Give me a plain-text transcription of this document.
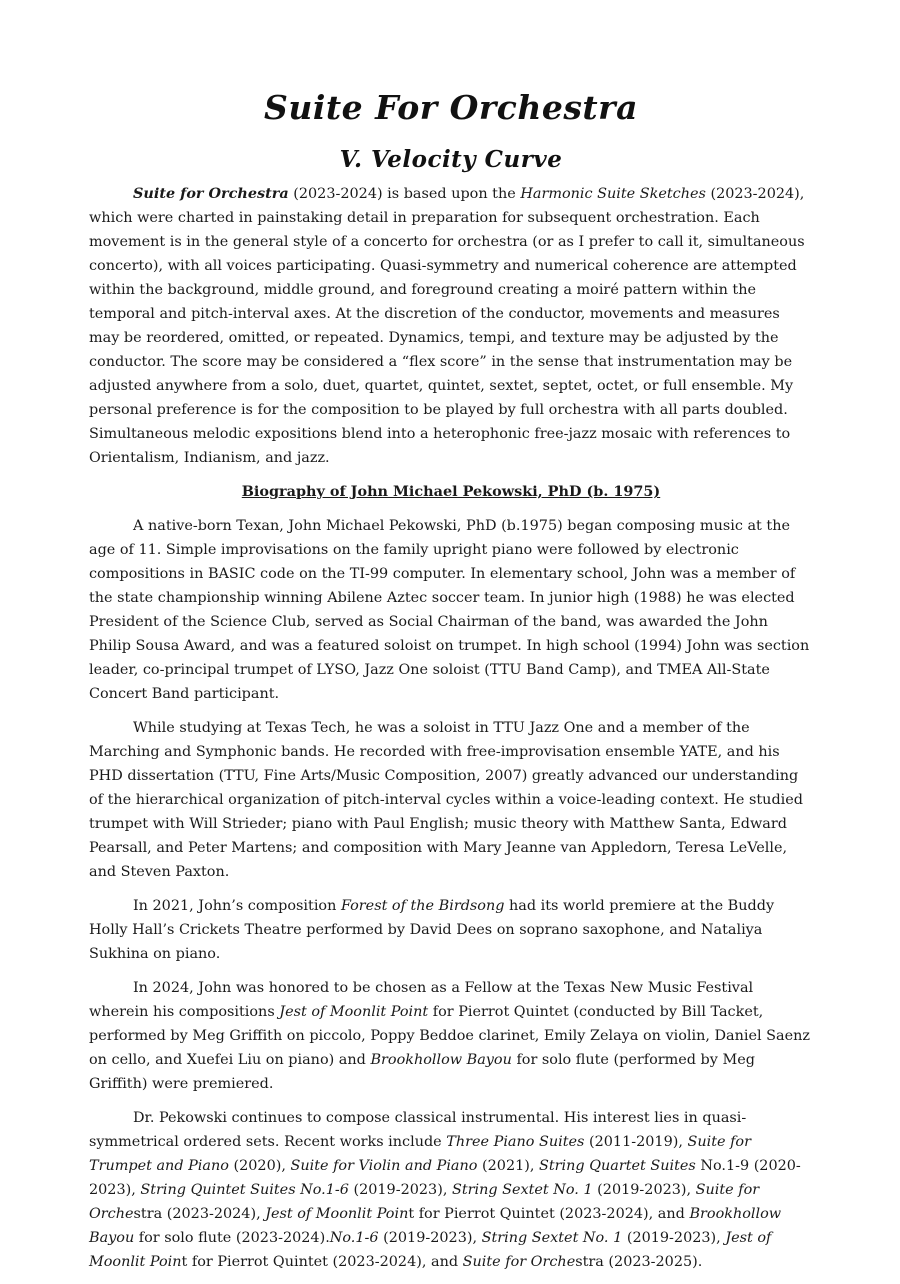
Suite For Orchestra
V. Velocity Curve

Suite for Orchestra (2023-2024) is based upon the Harmonic Suite Sketches (2023-2024), which were charted in painstaking detail in preparation for subsequent orchestration. Each movement is in the general style of a concerto for orchestra (or as I prefer to call it, simultaneous concerto), with all voices participating. Quasi-symmetry and numerical coherence are attempted within the background, middle ground, and foreground creating a moiré pattern within the temporal and pitch-interval axes. At the discretion of the conductor, movements and measures may be reordered, omitted, or repeated. Dynamics, tempi, and texture may be adjusted by the conductor. The score may be considered a “flex score” in the sense that instrumentation may be adjusted anywhere from a solo, duet, quartet, quintet, sextet, septet, octet, or full ensemble. My personal preference is for the composition to be played by full orchestra with all parts doubled. Simultaneous melodic expositions blend into a heterophonic free-jazz mosaic with references to Orientalism, Indianism, and jazz.

Biography of John Michael Pekowski, PhD (b. 1975)

A native-born Texan, John Michael Pekowski, PhD (b.1975) began composing music at the age of 11. Simple improvisations on the family upright piano were followed by electronic compositions in BASIC code on the TI-99 computer. In elementary school, John was a member of the state championship winning Abilene Aztec soccer team. In junior high (1988) he was elected President of the Science Club, served as Social Chairman of the band, was awarded the John Philip Sousa Award, and was a featured soloist on trumpet. In high school (1994) John was section leader, co-principal trumpet of LYSO, Jazz One soloist (TTU Band Camp), and TMEA All-State Concert Band participant.

While studying at Texas Tech, he was a soloist in TTU Jazz One and a member of the Marching and Symphonic bands. He recorded with free-improvisation ensemble YATE, and his PHD dissertation (TTU, Fine Arts/Music Composition, 2007) greatly advanced our understanding of the hierarchical organization of pitch-interval cycles within a voice-leading context. He studied trumpet with Will Strieder; piano with Paul English; music theory with Matthew Santa, Edward Pearsall, and Peter Martens; and composition with Mary Jeanne van Appledorn, Teresa LeVelle, and Steven Paxton.

In 2021, John’s composition Forest of the Birdsong had its world premiere at the Buddy Holly Hall’s Crickets Theatre performed by David Dees on soprano saxophone, and Nataliya Sukhina on piano.

In 2024, John was honored to be chosen as a Fellow at the Texas New Music Festival wherein his compositions Jest of Moonlit Point for Pierrot Quintet (conducted by Bill Tacket, performed by Meg Griffith on piccolo, Poppy Beddoe clarinet, Emily Zelaya on violin, Daniel Saenz on cello, and Xuefei Liu on piano) and Brookhollow Bayou for solo flute (performed by Meg Griffith) were premiered.

Dr. Pekowski continues to compose classical instrumental. His interest lies in quasi-symmetrical ordered sets. Recent works include Three Piano Suites (2011-2019), Suite for Trumpet and Piano (2020), Suite for Violin and Piano (2021), String Quartet Suites No.1-9 (2020-2023), String Quintet Suites No.1-6 (2019-2023), String Sextet No. 1 (2019-2023), Suite for Orchestra (2023-2024), Jest of Moonlit Point for Pierrot Quintet (2023-2024), and Brookhollow Bayou for solo flute (2023-2024).No.1-6 (2019-2023), String Sextet No. 1 (2019-2023), Jest of Moonlit Point for Pierrot Quintet (2023-2024), and Suite for Orchestra (2023-2025).
